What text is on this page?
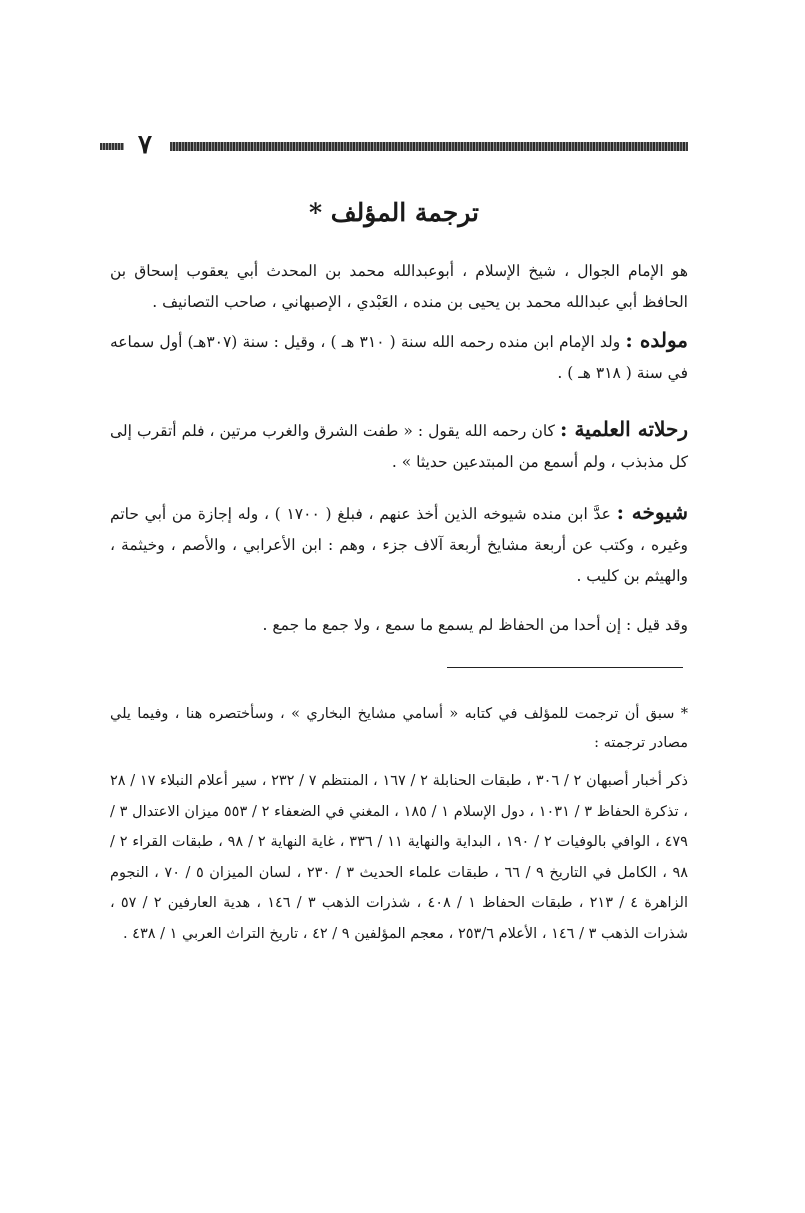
٧
ترجمة المؤلف *
هو الإمام الجوال ، شيخ الإسلام ، أبوعبدالله محمد بن المحدث أبي يعقوب إسحاق بن الحافظ أبي عبدالله محمد بن يحيى بن منده ، العَبْدي ، الإصبهاني ، صاحب التصانيف .
مولده : ولد الإمام ابن منده رحمه الله سنة ( ٣١٠ هـ ) ، وقيل : سنة (٣٠٧هـ) أول سماعه في سنة ( ٣١٨ هـ ) .
رحلاته العلمية : كان رحمه الله يقول : « طفت الشرق والغرب مرتين ، فلم أتقرب إلى كل مذبذب ، ولم أسمع من المبتدعين حديثا » .
شيوخه : عدَّ ابن منده شيوخه الذين أخذ عنهم ، فبلغ ( ١٧٠٠ ) ، وله إجازة من أبي حاتم وغيره ، وكتب عن أربعة مشايخ أربعة آلاف جزء ، وهم : ابن الأعرابي ، والأصم ، وخيثمة ، والهيثم بن كليب .
وقد قيل : إن أحدا من الحفاظ لم يسمع ما سمع ، ولا جمع ما جمع .
* سبق أن ترجمت للمؤلف في كتابه « أسامي مشايخ البخاري » ، وسأختصره هنا ، وفيما يلي مصادر ترجمته :
ذكر أخبار أصبهان ٢ / ٣٠٦ ، طبقات الحنابلة ٢ / ١٦٧ ، المنتظم ٧ / ٢٣٢ ، سير أعلام النبلاء ١٧ / ٢٨ ، تذكرة الحفاظ ٣ / ١٠٣١ ، دول الإسلام ١ / ١٨٥ ، المغني في الضعفاء ٢ / ٥٥٣ ميزان الاعتدال ٣ / ٤٧٩ ، الوافي بالوفيات ٢ / ١٩٠ ، البداية والنهاية ١١ / ٣٣٦ ، غاية النهاية ٢ / ٩٨ ، طبقات القراء ٢ / ٩٨ ، الكامل في التاريخ ٩ / ٦٦ ، طبقات علماء الحديث ٣ / ٢٣٠ ، لسان الميزان ٥ / ٧٠ ، النجوم الزاهرة ٤ / ٢١٣ ، طبقات الحفاظ ١ / ٤٠٨ ، شذرات الذهب ٣ / ١٤٦ ، هدية العارفين ٢ / ٥٧ ، شذرات الذهب ٣ / ١٤٦ ، الأعلام ٢٥٣/٦ ، معجم المؤلفين ٩ / ٤٢ ، تاريخ التراث العربي ١ / ٤٣٨ .
